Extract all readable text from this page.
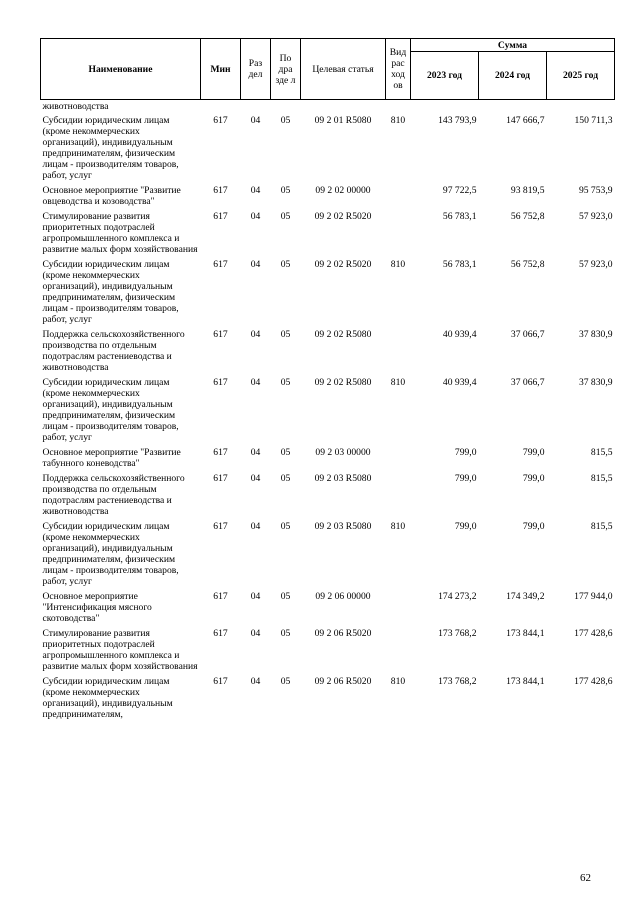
Наименование	Мин	Раз дел	По дра зде л	Целевая статья	Вид рас ход ов	Сумма		
						2023 год	2024 год	2025 год
животноводства								
Субсидии юридическим лицам (кроме некоммерческих организаций), индивидуальным предпринимателям, физическим лицам - производителям товаров, работ, услуг	617	04	05	09 2 01 R5080	810	143 793,9	147 666,7	150 711,3
Основное мероприятие "Развитие овцеводства и козоводства"	617	04	05	09 2 02 00000		97 722,5	93 819,5	95 753,9
Стимулирование развития приоритетных подотраслей агропромышленного комплекса и развитие малых форм хозяйствования	617	04	05	09 2 02 R5020		56 783,1	56 752,8	57 923,0
Субсидии юридическим лицам (кроме некоммерческих организаций), индивидуальным предпринимателям, физическим лицам - производителям товаров, работ, услуг	617	04	05	09 2 02 R5020	810	56 783,1	56 752,8	57 923,0
Поддержка сельскохозяйственного производства по отдельным подотраслям растениеводства и животноводства	617	04	05	09 2 02 R5080		40 939,4	37 066,7	37 830,9
Субсидии юридическим лицам (кроме некоммерческих организаций), индивидуальным предпринимателям, физическим лицам - производителям товаров, работ, услуг	617	04	05	09 2 02 R5080	810	40 939,4	37 066,7	37 830,9
Основное мероприятие "Развитие табунного коневодства"	617	04	05	09 2 03 00000		799,0	799,0	815,5
Поддержка сельскохозяйственного производства по отдельным подотраслям растениеводства и животноводства	617	04	05	09 2 03 R5080		799,0	799,0	815,5
Субсидии юридическим лицам (кроме некоммерческих организаций), индивидуальным предпринимателям, физическим лицам - производителям товаров, работ, услуг	617	04	05	09 2 03 R5080	810	799,0	799,0	815,5
Основное мероприятие "Интенсификация мясного скотоводства"	617	04	05	09 2 06 00000		174 273,2	174 349,2	177 944,0
Стимулирование развития приоритетных подотраслей агропромышленного комплекса и развитие малых форм хозяйствования	617	04	05	09 2 06 R5020		173 768,2	173 844,1	177 428,6
Субсидии юридическим лицам (кроме некоммерческих организаций), индивидуальным предпринимателям,	617	04	05	09 2 06 R5020	810	173 768,2	173 844,1	177 428,6
62
